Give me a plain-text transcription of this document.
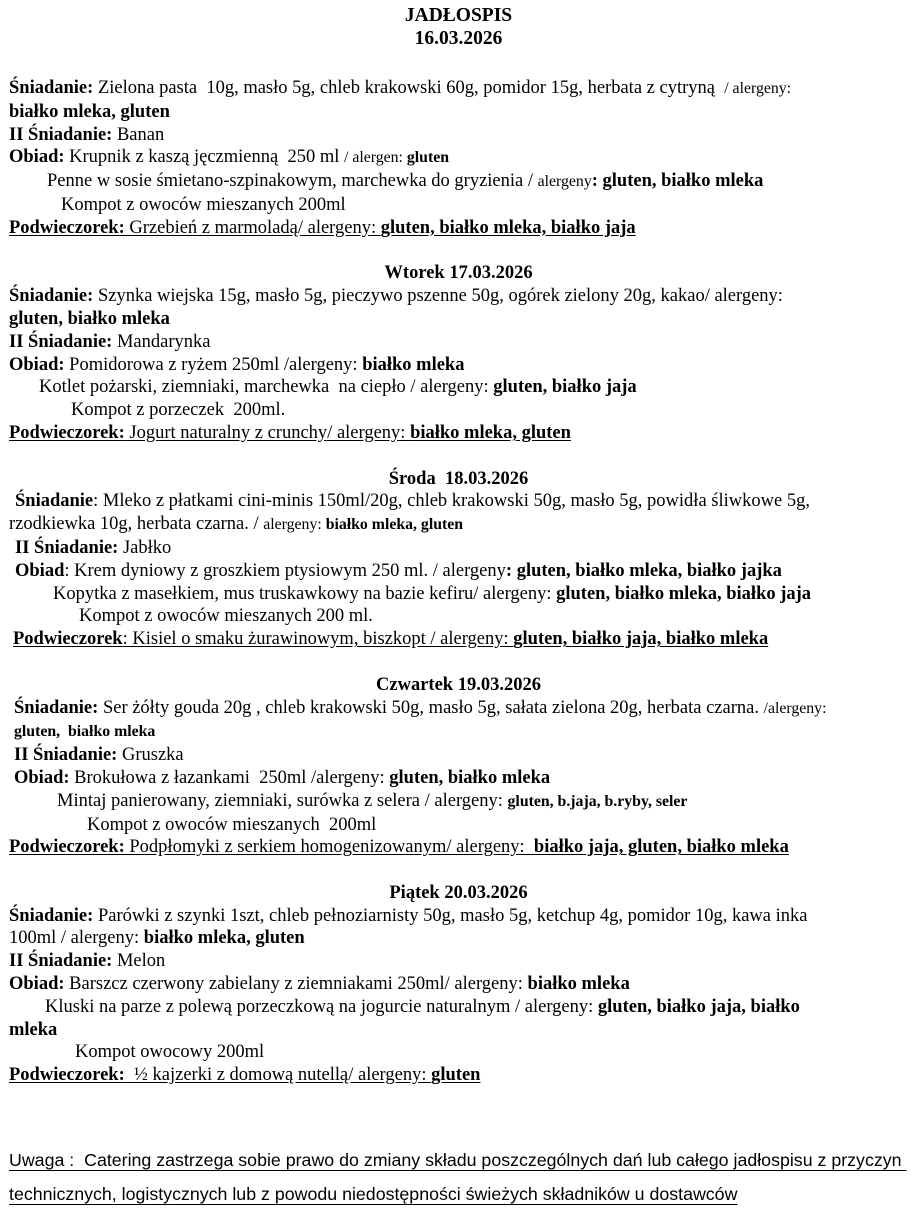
JADŁOSPIS
16.03.2026

Śniadanie: Zielona pasta  10g, masło 5g, chleb krakowski 60g, pomidor 15g, herbata z cytryną  / alergeny:

białko mleka, gluten

II Śniadanie: Banan

Obiad: Krupnik z kaszą jęczmienną  250 ml / alergen: gluten

Penne w sosie śmietano-szpinakowym, marchewka do gryzienia / alergeny: gluten, białko mleka

Kompot z owoców mieszanych 200ml

Podwieczorek: Grzebień z marmoladą/ alergeny: gluten, białko mleka, białko jaja

Wtorek 17.03.2026

Śniadanie: Szynka wiejska 15g, masło 5g, pieczywo pszenne 50g, ogórek zielony 20g, kakao/ alergeny:

gluten, białko mleka

II Śniadanie: Mandarynka

Obiad: Pomidorowa z ryżem 250ml /alergeny: białko mleka

Kotlet pożarski, ziemniaki, marchewka  na ciepło / alergeny: gluten, białko jaja

Kompot z porzeczek  200ml.

Podwieczorek: Jogurt naturalny z crunchy/ alergeny: białko mleka, gluten

Środa  18.03.2026

Śniadanie: Mleko z płatkami cini-minis 150ml/20g, chleb krakowski 50g, masło 5g, powidła śliwkowe 5g,

rzodkiewka 10g, herbata czarna. / alergeny: białko mleka, gluten

II Śniadanie: Jabłko

Obiad: Krem dyniowy z groszkiem ptysiowym 250 ml. / alergeny: gluten, białko mleka, białko jajka

Kopytka z masełkiem, mus truskawkowy na bazie kefiru/ alergeny: gluten, białko mleka, białko jaja

Kompot z owoców mieszanych 200 ml.

Podwieczorek: Kisiel o smaku żurawinowym, biszkopt / alergeny: gluten, białko jaja, białko mleka

Czwartek 19.03.2026

Śniadanie: Ser żółty gouda 20g , chleb krakowski 50g, masło 5g, sałata zielona 20g, herbata czarna. /alergeny:

gluten,  białko mleka

II Śniadanie: Gruszka

Obiad: Brokułowa z łazankami  250ml /alergeny: gluten, białko mleka

Mintaj panierowany, ziemniaki, surówka z selera / alergeny: gluten, b.jaja, b.ryby, seler

Kompot z owoców mieszanych  200ml

Podwieczorek: Podpłomyki z serkiem homogenizowanym/ alergeny:  białko jaja, gluten, białko mleka

Piątek 20.03.2026

Śniadanie: Parówki z szynki 1szt, chleb pełnoziarnisty 50g, masło 5g, ketchup 4g, pomidor 10g, kawa inka

100ml / alergeny: białko mleka, gluten

II Śniadanie: Melon

Obiad: Barszcz czerwony zabielany z ziemniakami 250ml/ alergeny: białko mleka

Kluski na parze z polewą porzeczkową na jogurcie naturalnym / alergeny: gluten, białko jaja, białko

mleka

Kompot owocowy 200ml

Podwieczorek:  ½ kajzerki z domową nutellą/ alergeny: gluten

Uwaga :  Catering zastrzega sobie prawo do zmiany składu poszczególnych dań lub całego jadłospisu z przyczyn

technicznych, logistycznych lub z powodu niedostępności świeżych składników u dostawców
